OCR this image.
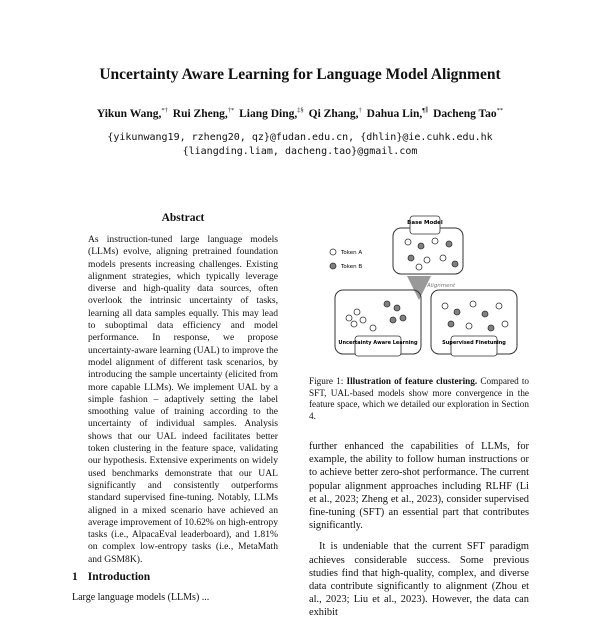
Uncertainty Aware Learning for Language Model Alignment
Yikun Wang,*† Rui Zheng,†* Liang Ding,‡§ Qi Zhang,† Dahua Lin,¶∥ Dacheng Tao**
{yikunwang19, rzheng20, qz}@fudan.edu.cn, {dhlin}@ie.cuhk.edu.hk
{liangding.liam, dacheng.tao}@gmail.com
Abstract
As instruction-tuned large language models (LLMs) evolve, aligning pretrained foundation models presents increasing challenges. Existing alignment strategies, which typically leverage diverse and high-quality data sources, often overlook the intrinsic uncertainty of tasks, learning all data samples equally. This may lead to suboptimal data efficiency and model performance. In response, we propose uncertainty-aware learning (UAL) to improve the model alignment of different task scenarios, by introducing the sample uncertainty (elicited from more capable LLMs). We implement UAL by a simple fashion – adaptively setting the label smoothing value of training according to the uncertainty of individual samples. Analysis shows that our UAL indeed facilitates better token clustering in the feature space, validating our hypothesis. Extensive experiments on widely used benchmarks demonstrate that our UAL significantly and consistently outperforms standard supervised fine-tuning. Notably, LLMs aligned in a mixed scenario have achieved an average improvement of 10.62% on high-entropy tasks (i.e., AlpacaEval leaderboard), and 1.81% on complex low-entropy tasks (i.e., MetaMath and GSM8K).
1 Introduction
Large language models (LLMs) ...
Base Model
Token A
Token B
Alignment
Uncertainty Aware Learning	Supervised Finetuning
Figure 1: Illustration of feature clustering. Compared to SFT, UAL-based models show more convergence in the feature space, which we detailed our exploration in Section 4.

further enhanced the capabilities of LLMs, for example, the ability to follow human instructions or to achieve better zero-shot performance. The current popular alignment approaches including RLHF (Li et al., 2023; Zheng et al., 2023), consider supervised fine-tuning (SFT) an essential part that contributes significantly.

It is undeniable that the current SFT paradigm achieves considerable success. Some previous studies find that high-quality, complex, and diverse data contribute significantly to alignment (Zhou et al., 2023; Liu et al., 2023). However, the data can exhibit
